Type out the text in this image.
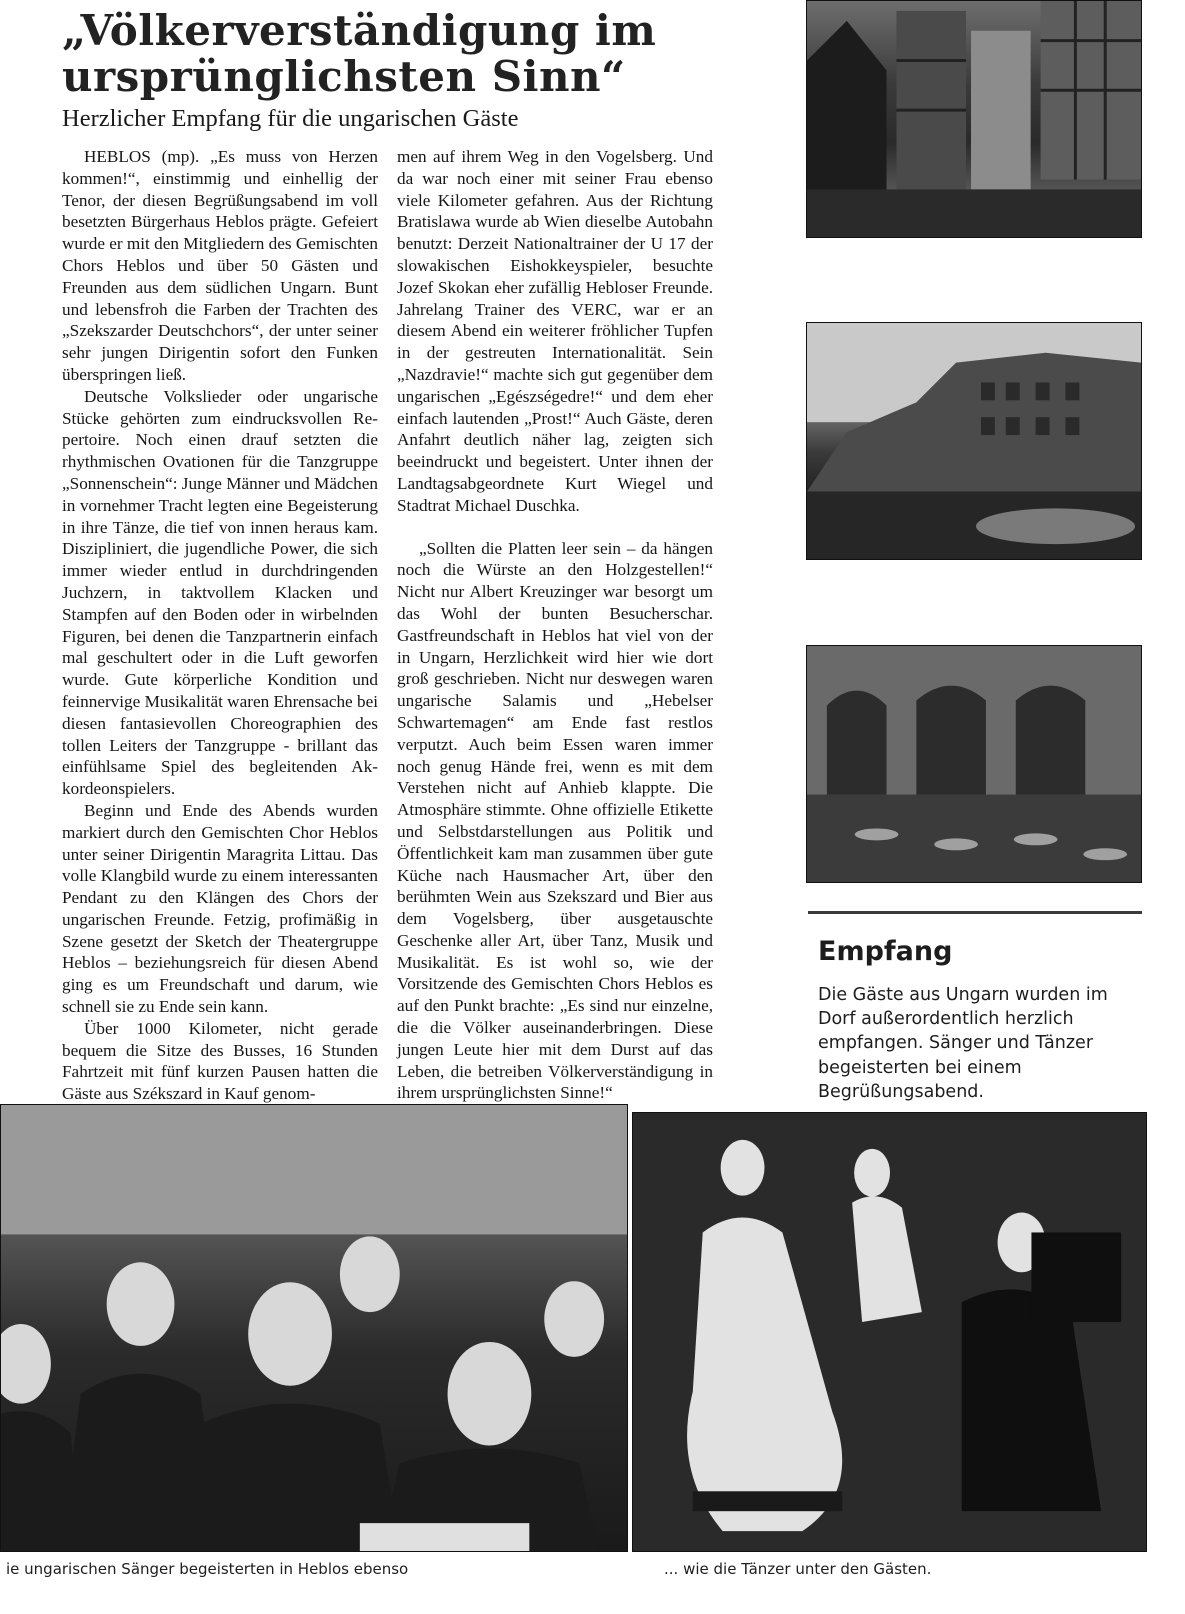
„Völkerverständigung im
ursprünglichsten Sinn“

Herzlicher Empfang für die ungarischen Gäste

HEBLOS (mp). „Es muss von Herzen kommen!“, einstimmig und einhellig der Tenor, der diesen Begrüßungsabend im voll besetzten Bürgerhaus Heblos prägte. Gefeiert wurde er mit den Mitgliedern des Gemischten Chors Heblos und über 50 Gästen und Freunden aus dem südlichen Ungarn. Bunt und lebensfroh die Farben der Trachten des „Szekszarder Deutschchors“, der unter seiner sehr jungen Dirigentin sofort den Funken überspringen ließ.

Deutsche Volkslieder oder ungarische Stücke gehörten zum eindrucksvollen Repertoire. Noch einen drauf setzten die rhythmischen Ovationen für die Tanzgruppe „Sonnenschein“: Junge Männer und Mädchen in vornehmer Tracht legten eine Begeisterung in ihre Tänze, die tief von innen heraus kam. Diszipliniert, die jugendliche Power, die sich immer wieder entlud in durchdringenden Juchzern, in taktvollem Klacken und Stampfen auf den Boden oder in wirbelnden Figuren, bei denen die Tanzpartnerin einfach mal geschultert oder in die Luft geworfen wurde. Gute körperliche Kondition und feinnervige Musikalität waren Ehrensache bei diesen fantasievollen Choreographien des tollen Leiters der Tanzgruppe - brillant das einfühlsame Spiel des begleitenden Akkordeonspielers.

Beginn und Ende des Abends wurden markiert durch den Gemischten Chor Heblos unter seiner Dirigentin Maragrita Littau. Das volle Klangbild wurde zu einem interessanten Pendant zu den Klängen des Chors der ungarischen Freunde. Fetzig, profimäßig in Szene gesetzt der Sketch der Theatergruppe Heblos – beziehungsreich für diesen Abend ging es um Freundschaft und darum, wie schnell sie zu Ende sein kann.

Über 1000 Kilometer, nicht gerade bequem die Sitze des Busses, 16 Stunden Fahrtzeit mit fünf kurzen Pausen hatten die Gäste aus Székszard in Kauf genom-

men auf ihrem Weg in den Vogelsberg. Und da war noch einer mit seiner Frau ebenso viele Kilometer gefahren. Aus der Richtung Bratislawa wurde ab Wien dieselbe Autobahn benutzt: Derzeit Nationaltrainer der U 17 der slowakischen Eishokkeyspieler, besuchte Jozef Skokan eher zufällig Hebloser Freunde. Jahrelang Trainer des VERC, war er an diesem Abend ein weiterer fröhlicher Tupfen in der gestreuten Internationalität. Sein „Nazdravie!“ machte sich gut gegenüber dem ungarischen „Egészségedre!“ und dem eher einfach lautenden „Prost!“ Auch Gäste, deren Anfahrt deutlich näher lag, zeigten sich beeindruckt und begeistert. Unter ihnen der Landtagsabgeordnete Kurt Wiegel und Stadtrat Michael Duschka.

„Sollten die Platten leer sein – da hängen noch die Würste an den Holzgestellen!“ Nicht nur Albert Kreuzinger war besorgt um das Wohl der bunten Besucherschar. Gastfreundschaft in Heblos hat viel von der in Ungarn, Herzlichkeit wird hier wie dort groß geschrieben. Nicht nur deswegen waren ungarische Salamis und „Hebelser Schwartemagen“ am Ende fast restlos verputzt. Auch beim Essen waren immer noch genug Hände frei, wenn es mit dem Verstehen nicht auf Anhieb klappte. Die Atmosphäre stimmte. Ohne offizielle Etikette und Selbstdarstellungen aus Politik und Öffentlichkeit kam man zusammen über gute Küche nach Hausmacher Art, über den berühmten Wein aus Szekszard und Bier aus dem Vogelsberg, über ausgetauschte Geschenke aller Art, über Tanz, Musik und Musikalität. Es ist wohl so, wie der Vorsitzende des Gemischten Chors Heblos es auf den Punkt brachte: „Es sind nur einzelne, die die Völker auseinanderbringen. Diese jungen Leute hier mit dem Durst auf das Leben, die betreiben Völkerverständigung in ihrem ursprünglichsten Sinne!“

Empfang

Die Gäste aus Ungarn wurden im Dorf außerordentlich herzlich empfangen. Sänger und Tänzer begeisterten bei einem Begrüßungsabend.

ie ungarischen Sänger begeisterten in Heblos ebenso	... wie die Tänzer unter den Gästen.
